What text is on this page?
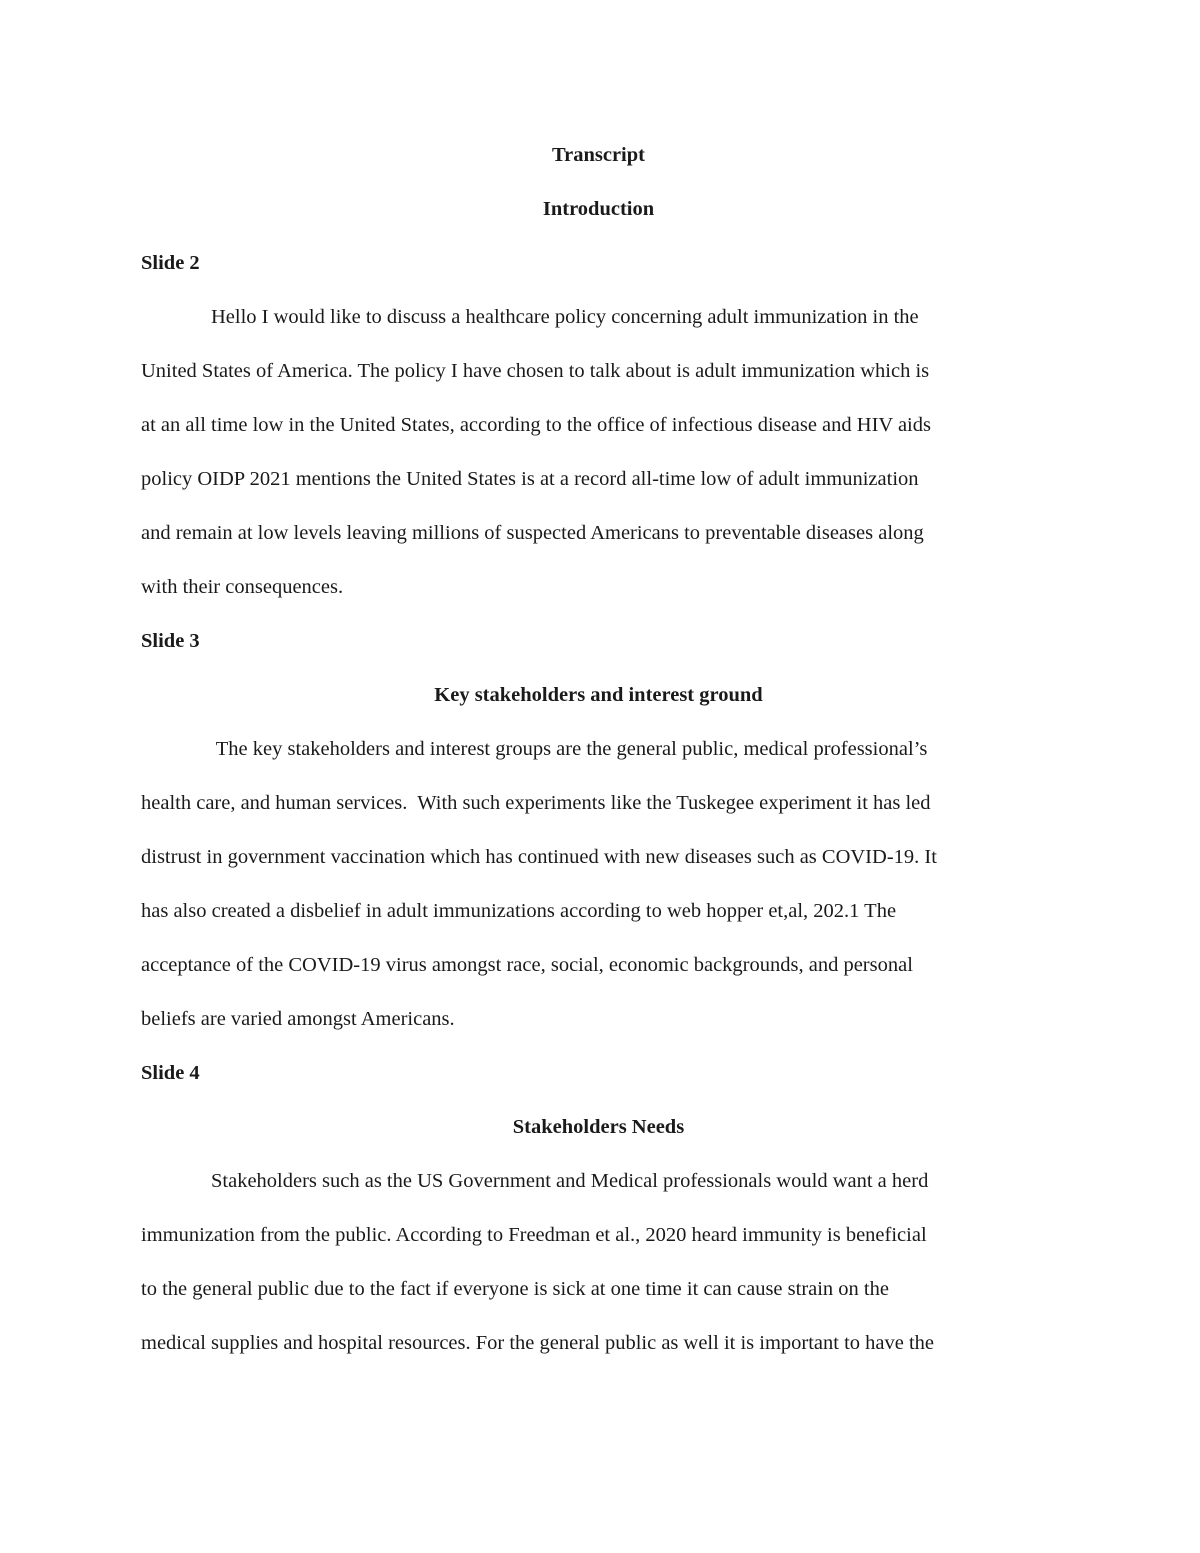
Transcript
Introduction
Slide 2
Hello I would like to discuss a healthcare policy concerning adult immunization in the
United States of America. The policy I have chosen to talk about is adult immunization which is
at an all time low in the United States, according to the office of infectious disease and HIV aids
policy OIDP 2021 mentions the United States is at a record all-time low of adult immunization
and remain at low levels leaving millions of suspected Americans to preventable diseases along
with their consequences.
Slide 3
Key stakeholders and interest ground
The key stakeholders and interest groups are the general public, medical professional’s
health care, and human services.  With such experiments like the Tuskegee experiment it has led
distrust in government vaccination which has continued with new diseases such as COVID-19. It
has also created a disbelief in adult immunizations according to web hopper et,al, 202.1 The
acceptance of the COVID-19 virus amongst race, social, economic backgrounds, and personal
beliefs are varied amongst Americans.
Slide 4
Stakeholders Needs
Stakeholders such as the US Government and Medical professionals would want a herd
immunization from the public. According to Freedman et al., 2020 heard immunity is beneficial
to the general public due to the fact if everyone is sick at one time it can cause strain on the
medical supplies and hospital resources. For the general public as well it is important to have the
